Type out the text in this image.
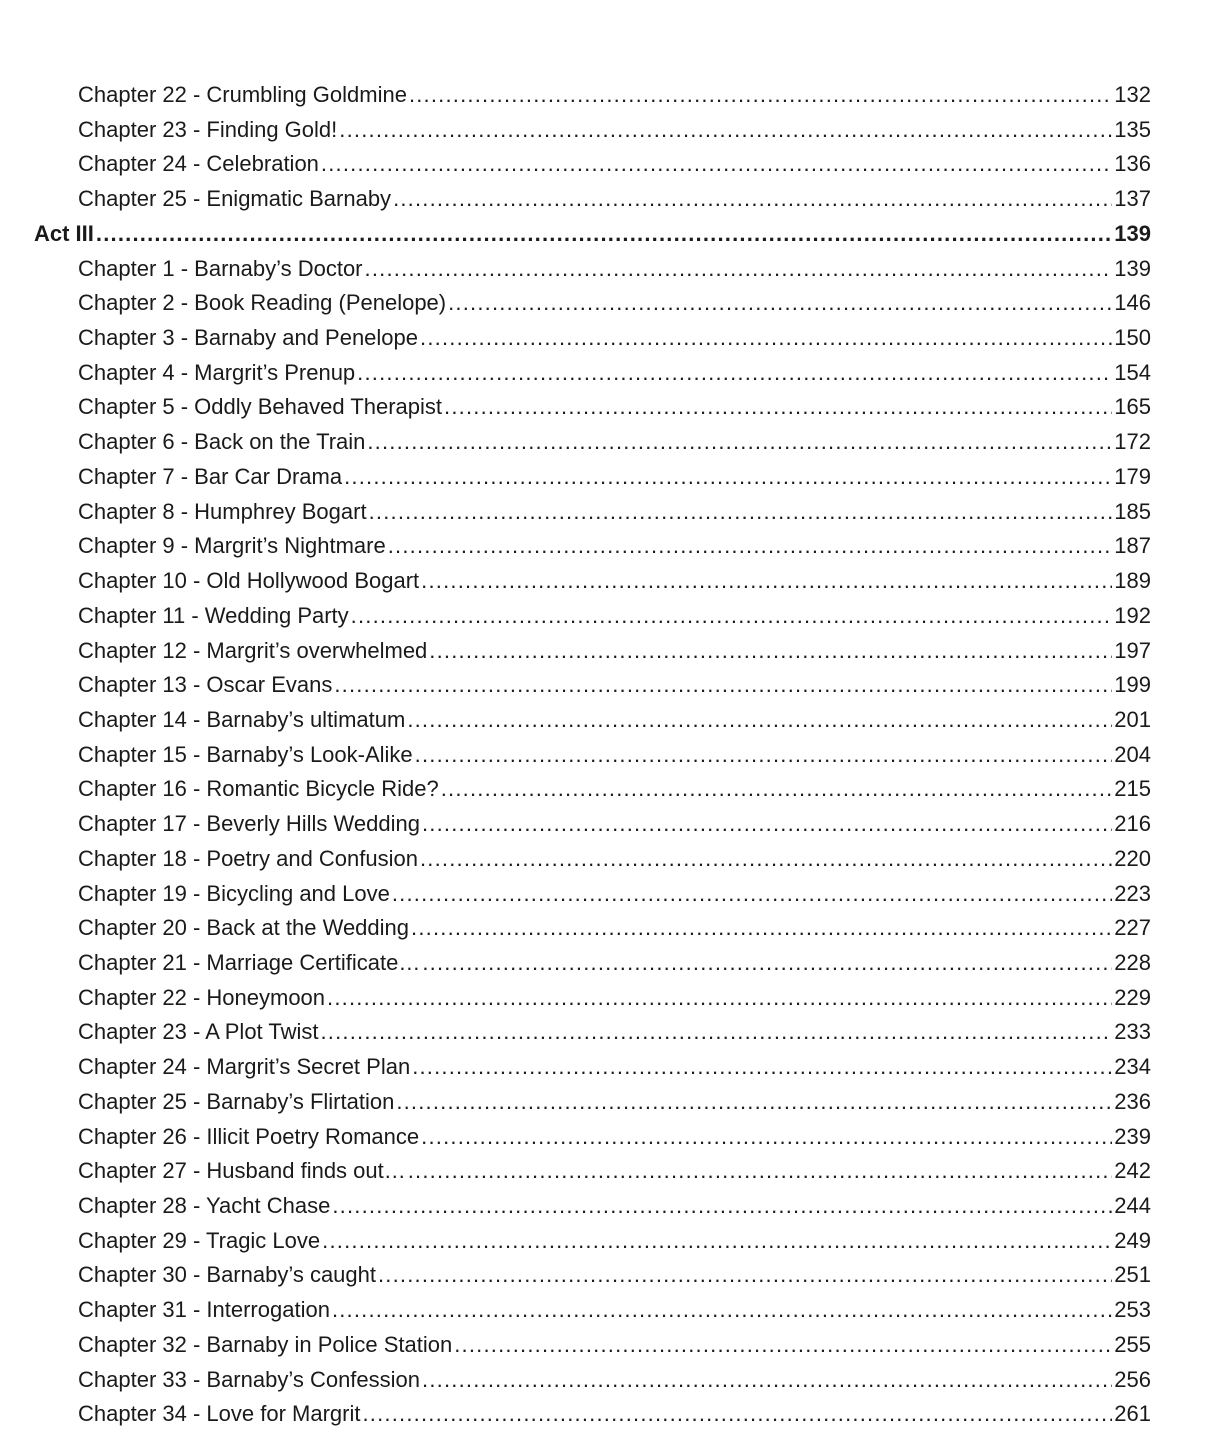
Chapter 22 - Crumbling Goldmine .....	132
Chapter 23 - Finding Gold! .....	135
Chapter 24 - Celebration .....	136
Chapter 25 - Enigmatic Barnaby .....	137
Act III .....	139
Chapter 1 - Barnaby’s Doctor .....	139
Chapter 2 - Book Reading (Penelope) .....	146
Chapter 3 - Barnaby and Penelope .....	150
Chapter 4 - Margrit’s Prenup .....	154
Chapter 5 - Oddly Behaved Therapist .....	165
Chapter 6 - Back on the Train .....	172
Chapter 7 - Bar Car Drama .....	179
Chapter 8 - Humphrey Bogart .....	185
Chapter 9 - Margrit’s Nightmare .....	187
Chapter 10 - Old Hollywood Bogart .....	189
Chapter 11 - Wedding Party .....	192
Chapter 12 - Margrit’s overwhelmed .....	197
Chapter 13 - Oscar Evans .....	199
Chapter 14 - Barnaby’s ultimatum .....	201
Chapter 15 - Barnaby’s Look-Alike .....	204
Chapter 16 - Romantic Bicycle Ride? .....	215
Chapter 17 - Beverly Hills Wedding .....	216
Chapter 18 - Poetry and Confusion .....	220
Chapter 19 - Bicycling and Love .....	223
Chapter 20 - Back at the Wedding .....	227
Chapter 21 - Marriage Certificate… .....	228
Chapter 22 - Honeymoon .....	229
Chapter 23 - A Plot Twist .....	233
Chapter 24 - Margrit’s Secret Plan .....	234
Chapter 25 - Barnaby’s Flirtation .....	236
Chapter 26 - Illicit Poetry Romance .....	239
Chapter 27 - Husband finds out… .....	242
Chapter 28 - Yacht Chase .....	244
Chapter 29 - Tragic Love .....	249
Chapter 30 - Barnaby’s caught .....	251
Chapter 31 - Interrogation .....	253
Chapter 32 - Barnaby in Police Station .....	255
Chapter 33 - Barnaby’s Confession .....	256
Chapter 34 - Love for Margrit .....	261
